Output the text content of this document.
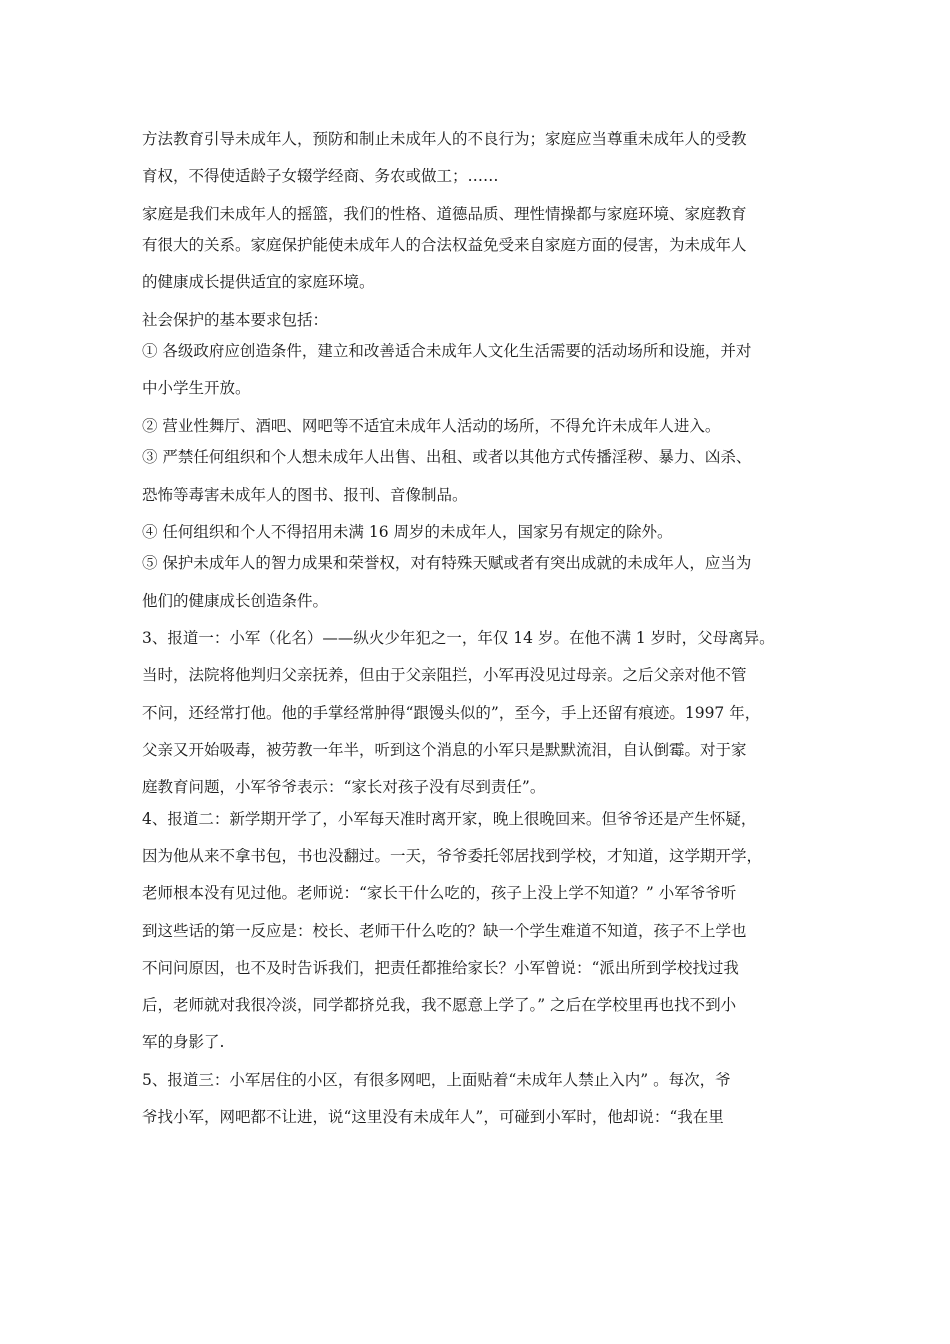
方法教育引导未成年人，预防和制止未成年人的不良行为；家庭应当尊重未成年人的受教
育权，不得使适龄子女辍学经商、务农或做工；……
家庭是我们未成年人的摇篮，我们的性格、道德品质、理性情操都与家庭环境、家庭教育
有很大的关系。家庭保护能使未成年人的合法权益免受来自家庭方面的侵害，为未成年人
的健康成长提供适宜的家庭环境。
社会保护的基本要求包括：
① 各级政府应创造条件，建立和改善适合未成年人文化生活需要的活动场所和设施，并对
中小学生开放。
② 营业性舞厅、酒吧、网吧等不适宜未成年人活动的场所，不得允许未成年人进入。
③ 严禁任何组织和个人想未成年人出售、出租、或者以其他方式传播淫秽、暴力、凶杀、
恐怖等毒害未成年人的图书、报刊、音像制品。
④ 任何组织和个人不得招用未满 16 周岁的未成年人，国家另有规定的除外。
⑤ 保护未成年人的智力成果和荣誉权，对有特殊天赋或者有突出成就的未成年人，应当为
他们的健康成长创造条件。
3、报道一：小军（化名）——纵火少年犯之一，年仅 14 岁。在他不满 1 岁时，父母离异。
当时，法院将他判归父亲抚养，但由于父亲阻拦，小军再没见过母亲。之后父亲对他不管
不问，还经常打他。他的手掌经常肿得“跟馒头似的”，至今，手上还留有痕迹。1997 年，
父亲又开始吸毒，被劳教一年半，听到这个消息的小军只是默默流泪，自认倒霉。对于家
庭教育问题，小军爷爷表示：“家长对孩子没有尽到责任”。
4、报道二：新学期开学了，小军每天准时离开家，晚上很晚回来。但爷爷还是产生怀疑，
因为他从来不拿书包，书也没翻过。一天，爷爷委托邻居找到学校，才知道，这学期开学，
老师根本没有见过他。老师说：“家长干什么吃的，孩子上没上学不知道？” 小军爷爷听
到这些话的第一反应是：校长、老师干什么吃的？缺一个学生难道不知道，孩子不上学也
不问问原因，也不及时告诉我们，把责任都推给家长？小军曾说：“派出所到学校找过我
后，老师就对我很冷淡，同学都挤兑我，我不愿意上学了。” 之后在学校里再也找不到小
军的身影了.
5、报道三：小军居住的小区，有很多网吧，上面贴着“未成年人禁止入内” 。每次，爷
爷找小军，网吧都不让进，说“这里没有未成年人”，可碰到小军时，他却说：“我在里
